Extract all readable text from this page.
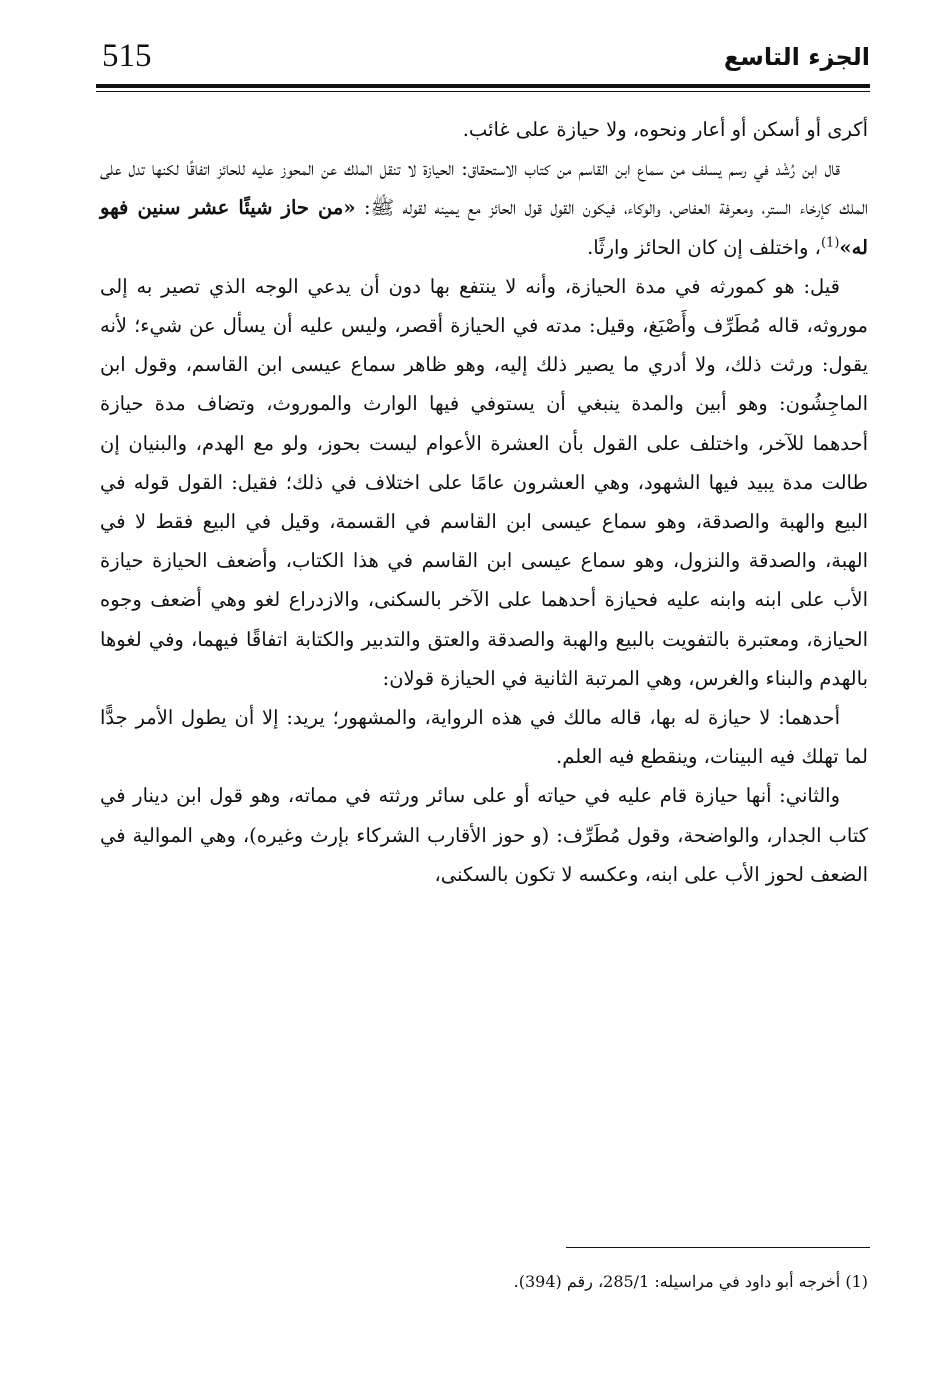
515	الجزء التاسع

أكرى أو أسكن أو أعار ونحوه، ولا حيازة على غائب.

قال ابن رُشْد في رسم يسلف من سماع ابن القاسم من كتاب الاستحقاق: الحيازة لا تنقل الملك عن المحوز عليه للحائز اتفاقًا لكنها تدل على الملك كإرخاء الستر، ومعرفة العفاص، والوكاء، فيكون القول قول الحائز مع يمينه لقوله ﷺ: «من حاز شيئًا عشر سنين فهو له»$^{(1)}$، واختلف إن كان الحائز وارثًا.

قيل: هو كمورثه في مدة الحيازة، وأنه لا ينتفع بها دون أن يدعي الوجه الذي تصير به إلى موروثه، قاله مُطَرِّف وأَصْبَغ، وقيل: مدته في الحيازة أقصر، وليس عليه أن يسأل عن شيء؛ لأنه يقول: ورثت ذلك، ولا أدري ما يصير ذلك إليه، وهو ظاهر سماع عيسى ابن القاسم، وقول ابن الماجِشُون: وهو أبين والمدة ينبغي أن يستوفي فيها الوارث والموروث، وتضاف مدة حيازة أحدهما للآخر، واختلف على القول بأن العشرة الأعوام ليست بحوز، ولو مع الهدم، والبنيان إن طالت مدة يبيد فيها الشهود، وهي العشرون عامًا على اختلاف في ذلك؛ فقيل: القول قوله في البيع والهبة والصدقة، وهو سماع عيسى ابن القاسم في القسمة، وقيل في البيع فقط لا في الهبة، والصدقة والنزول، وهو سماع عيسى ابن القاسم في هذا الكتاب، وأضعف الحيازة حيازة الأب على ابنه وابنه عليه فحيازة أحدهما على الآخر بالسكنى، والازدراع لغو وهي أضعف وجوه الحيازة، ومعتبرة بالتفويت بالبيع والهبة والصدقة والعتق والتدبير والكتابة اتفاقًا فيهما، وفي لغوها بالهدم والبناء والغرس، وهي المرتبة الثانية في الحيازة قولان:

أحدهما: لا حيازة له بها، قاله مالك في هذه الرواية، والمشهور؛ يريد: إلا أن يطول الأمر جدًّا لما تهلك فيه البينات، وينقطع فيه العلم.

والثاني: أنها حيازة قام عليه في حياته أو على سائر ورثته في مماته، وهو قول ابن دينار في كتاب الجدار، والواضحة، وقول مُطَرِّف: (و حوز الأقارب الشركاء بإرث وغيره)، وهي الموالية في الضعف لحوز الأب على ابنه، وعكسه لا تكون بالسكنى،

(1) أخرجه أبو داود في مراسيله: 285/1، رقم (394).
